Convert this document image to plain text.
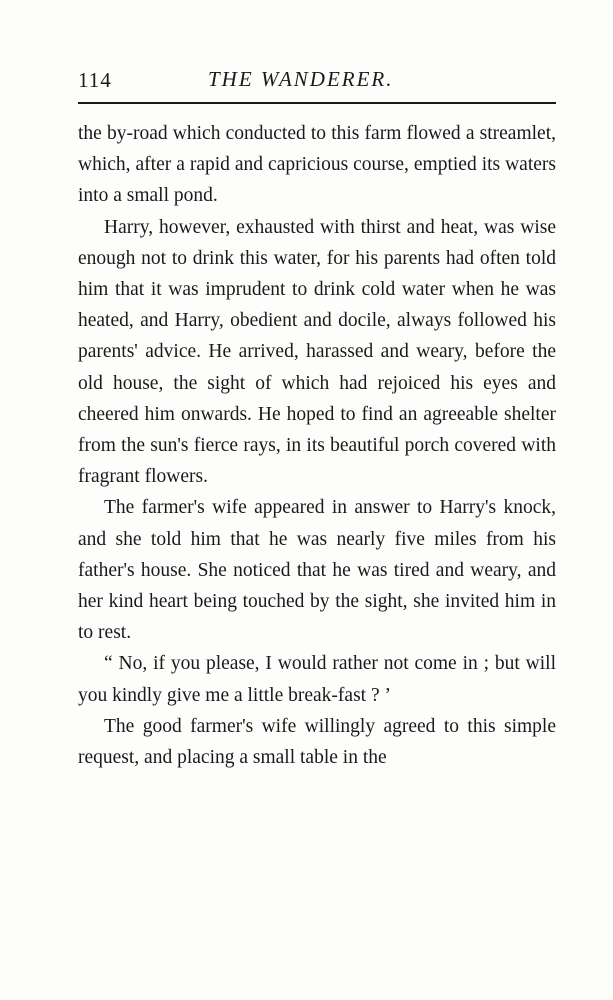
114	THE WANDERER.

the by-road which conducted to this farm flowed a streamlet, which, after a rapid and capricious course, emptied its waters into a small pond.

Harry, however, exhausted with thirst and heat, was wise enough not to drink this water, for his parents had often told him that it was imprudent to drink cold water when he was heated, and Harry, obedient and docile, always followed his parents' advice. He arrived, harassed and weary, before the old house, the sight of which had rejoiced his eyes and cheered him onwards. He hoped to find an agreeable shelter from the sun's fierce rays, in its beautiful porch covered with fragrant flowers.

The farmer's wife appeared in answer to Harry's knock, and she told him that he was nearly five miles from his father's house. She noticed that he was tired and weary, and her kind heart being touched by the sight, she invited him in to rest.

“ No, if you please, I would rather not come in ; but will you kindly give me a little break-fast ? ’

The good farmer's wife willingly agreed to this simple request, and placing a small table in the
